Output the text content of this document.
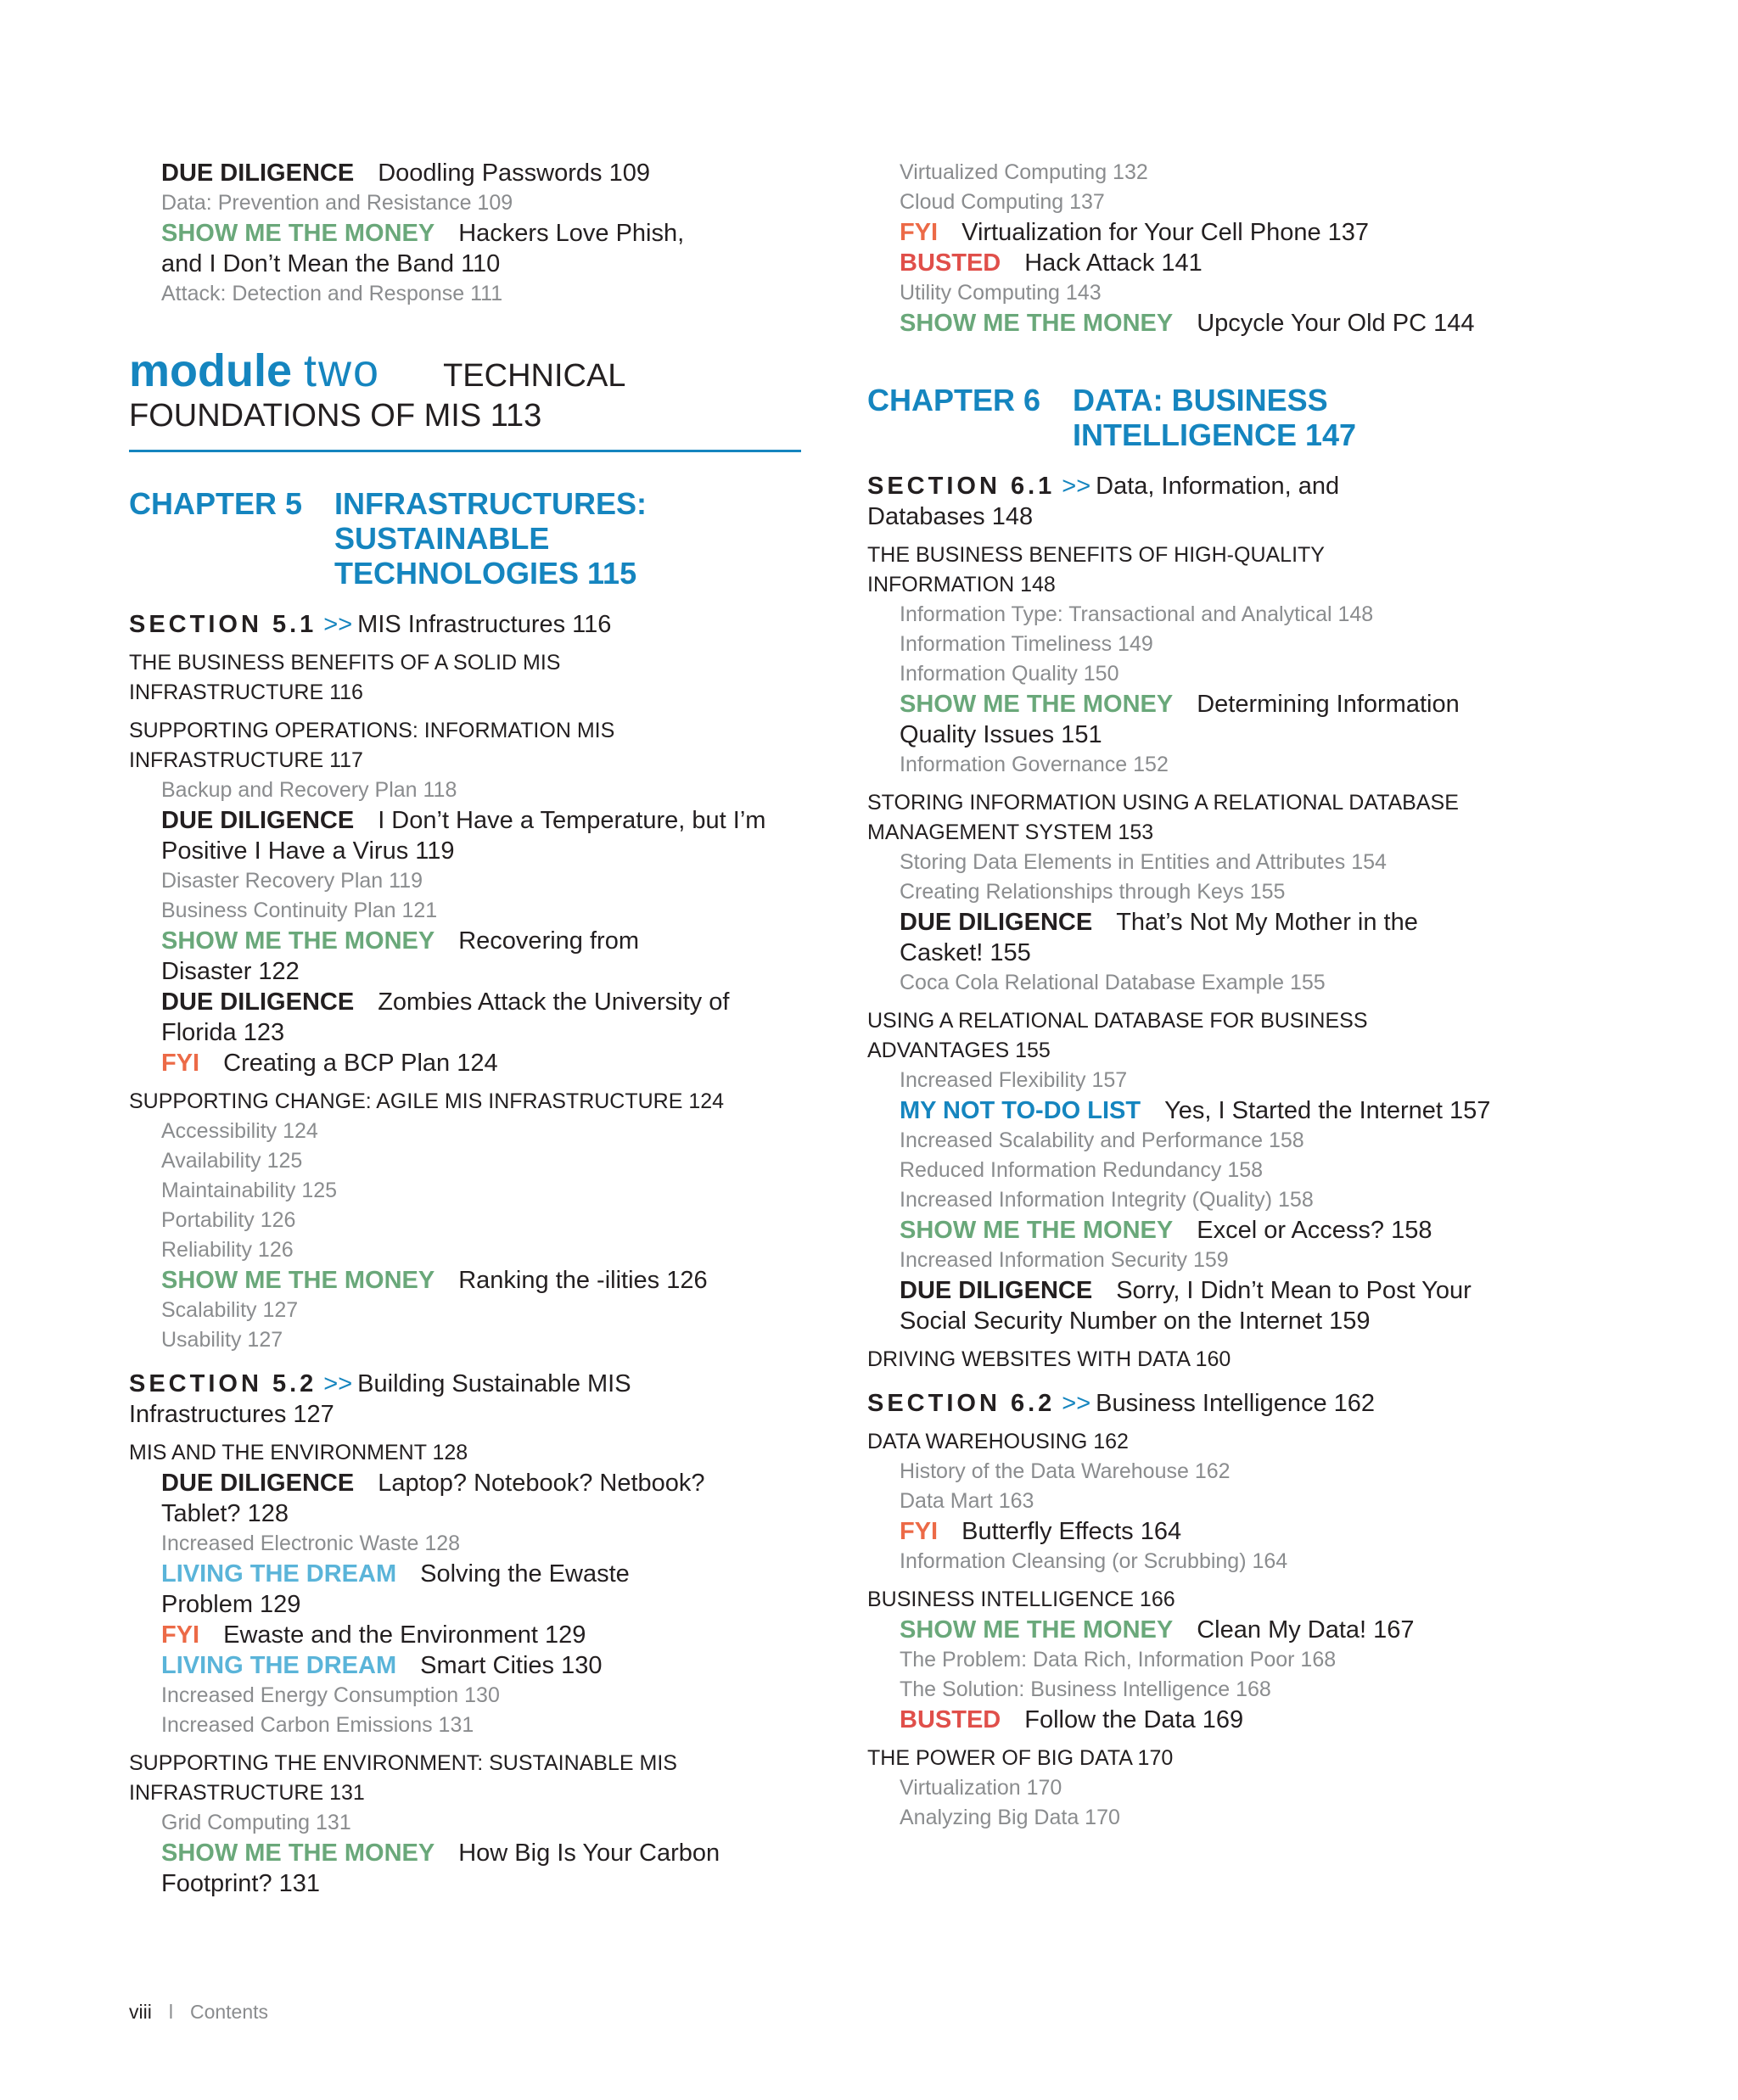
DUE DILIGENCE Doodling Passwords 109
Data: Prevention and Resistance 109
SHOW ME THE MONEY Hackers Love Phish,
and I Don’t Mean the Band 110
Attack: Detection and Response 111
module two TECHNICAL
FOUNDATIONS OF MIS 113
CHAPTER 5	INFRASTRUCTURES:
SUSTAINABLE
TECHNOLOGIES 115
SECTION 5.1 >> MIS Infrastructures 116
THE BUSINESS BENEFITS OF A SOLID MIS
INFRASTRUCTURE 116
SUPPORTING OPERATIONS: INFORMATION MIS
INFRASTRUCTURE 117
Backup and Recovery Plan 118
DUE DILIGENCE I Don’t Have a Temperature, but I’m
Positive I Have a Virus 119
Disaster Recovery Plan 119
Business Continuity Plan 121
SHOW ME THE MONEY Recovering from
Disaster 122
DUE DILIGENCE Zombies Attack the University of
Florida 123
FYI Creating a BCP Plan 124
SUPPORTING CHANGE: AGILE MIS INFRASTRUCTURE 124
Accessibility 124
Availability 125
Maintainability 125
Portability 126
Reliability 126
SHOW ME THE MONEY Ranking the -ilities 126
Scalability 127
Usability 127
SECTION 5.2 >> Building Sustainable MIS
Infrastructures 127
MIS AND THE ENVIRONMENT 128
DUE DILIGENCE Laptop? Notebook? Netbook?
Tablet? 128
Increased Electronic Waste 128
LIVING THE DREAM Solving the Ewaste
Problem 129
FYI Ewaste and the Environment 129
LIVING THE DREAM Smart Cities 130
Increased Energy Consumption 130
Increased Carbon Emissions 131
SUPPORTING THE ENVIRONMENT: SUSTAINABLE MIS
INFRASTRUCTURE 131
Grid Computing 131
SHOW ME THE MONEY How Big Is Your Carbon
Footprint? 131
Virtualized Computing 132
Cloud Computing 137
FYI Virtualization for Your Cell Phone 137
BUSTED Hack Attack 141
Utility Computing 143
SHOW ME THE MONEY Upcycle Your Old PC 144
CHAPTER 6	DATA: BUSINESS
INTELLIGENCE 147
SECTION 6.1 >> Data, Information, and
Databases 148
THE BUSINESS BENEFITS OF HIGH-QUALITY
INFORMATION 148
Information Type: Transactional and Analytical 148
Information Timeliness 149
Information Quality 150
SHOW ME THE MONEY Determining Information
Quality Issues 151
Information Governance 152
STORING INFORMATION USING A RELATIONAL DATABASE
MANAGEMENT SYSTEM 153
Storing Data Elements in Entities and Attributes 154
Creating Relationships through Keys 155
DUE DILIGENCE That’s Not My Mother in the
Casket! 155
Coca Cola Relational Database Example 155
USING A RELATIONAL DATABASE FOR BUSINESS
ADVANTAGES 155
Increased Flexibility 157
MY NOT TO-DO LIST Yes, I Started the Internet 157
Increased Scalability and Performance 158
Reduced Information Redundancy 158
Increased Information Integrity (Quality) 158
SHOW ME THE MONEY Excel or Access? 158
Increased Information Security 159
DUE DILIGENCE Sorry, I Didn’t Mean to Post Your
Social Security Number on the Internet 159
DRIVING WEBSITES WITH DATA 160
SECTION 6.2 >> Business Intelligence 162
DATA WAREHOUSING 162
History of the Data Warehouse 162
Data Mart 163
FYI Butterfly Effects 164
Information Cleansing (or Scrubbing) 164
BUSINESS INTELLIGENCE 166
SHOW ME THE MONEY Clean My Data! 167
The Problem: Data Rich, Information Poor 168
The Solution: Business Intelligence 168
BUSTED Follow the Data 169
THE POWER OF BIG DATA 170
Virtualization 170
Analyzing Big Data 170
viii l Contents
